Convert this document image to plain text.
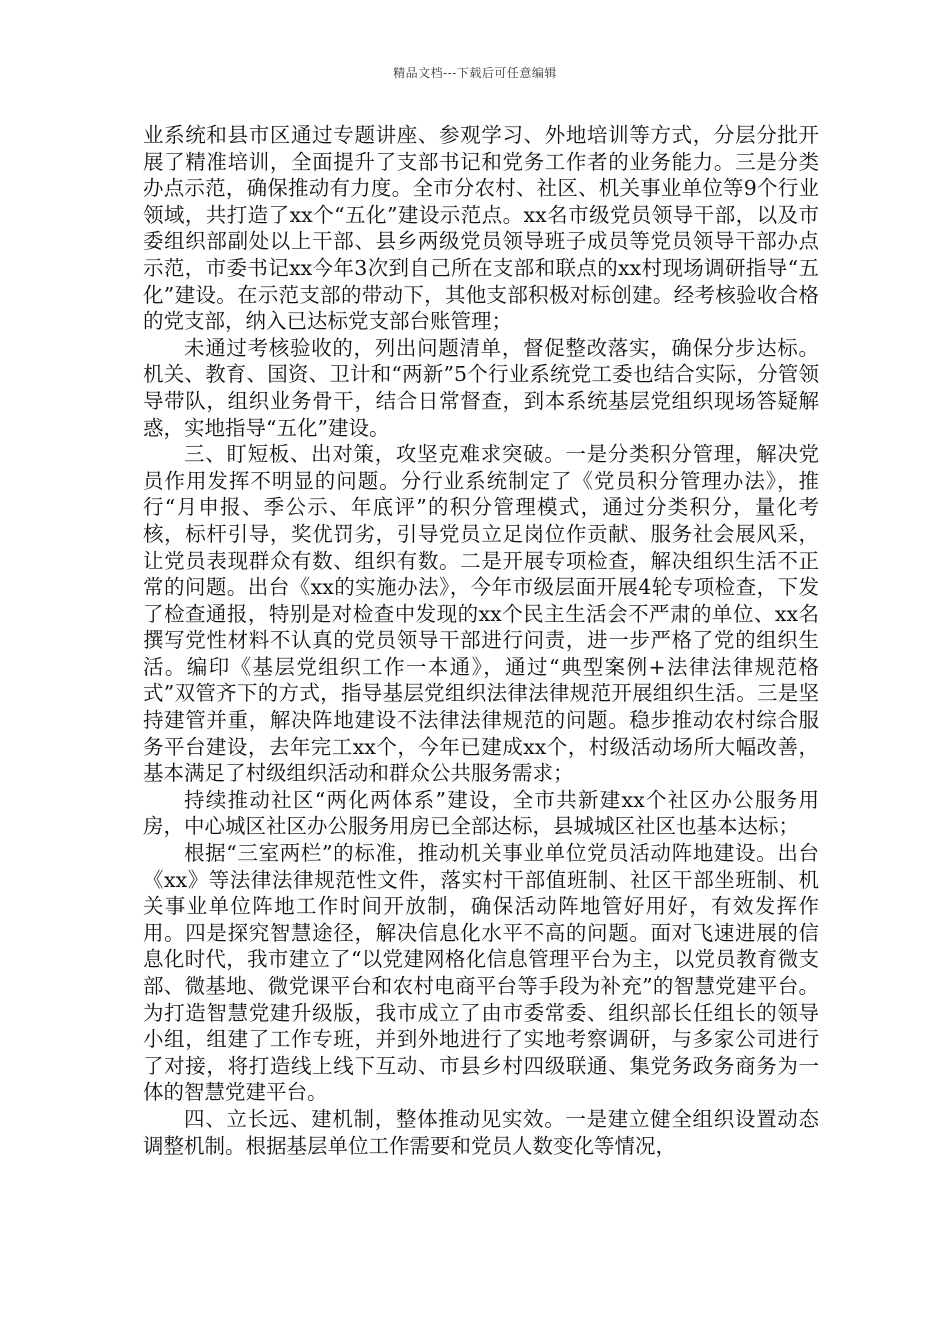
精品文档---下载后可任意编辑

业系统和县市区通过专题讲座、参观学习、外地培训等方式，分层分批开展了精准培训，全面提升了支部书记和党务工作者的业务能力。三是分类办点示范，确保推动有力度。全市分农村、社区、机关事业单位等9个行业领域，共打造了xx个“五化”建设示范点。xx名市级党员领导干部，以及市委组织部副处以上干部、县乡两级党员领导班子成员等党员领导干部办点示范，市委书记xx今年3次到自己所在支部和联点的xx村现场调研指导“五化”建设。在示范支部的带动下，其他支部积极对标创建。经考核验收合格的党支部，纳入已达标党支部台账管理；

未通过考核验收的，列出问题清单，督促整改落实，确保分步达标。机关、教育、国资、卫计和“两新”5个行业系统党工委也结合实际，分管领导带队，组织业务骨干，结合日常督查，到本系统基层党组织现场答疑解惑，实地指导“五化”建设。

三、盯短板、出对策，攻坚克难求突破。一是分类积分管理，解决党员作用发挥不明显的问题。分行业系统制定了《党员积分管理办法》，推行“月申报、季公示、年底评”的积分管理模式，通过分类积分，量化考核，标杆引导，奖优罚劣，引导党员立足岗位作贡献、服务社会展风采，让党员表现群众有数、组织有数。二是开展专项检查，解决组织生活不正常的问题。出台《xx的实施办法》，今年市级层面开展4轮专项检查，下发了检查通报，特别是对检查中发现的xx个民主生活会不严肃的单位、xx名撰写党性材料不认真的党员领导干部进行问责，进一步严格了党的组织生活。编印《基层党组织工作一本通》，通过“典型案例+法律法律规范格式”双管齐下的方式，指导基层党组织法律法律规范开展组织生活。三是坚持建管并重，解决阵地建设不法律法律规范的问题。稳步推动农村综合服务平台建设，去年完工xx个，今年已建成xx个，村级活动场所大幅改善，基本满足了村级组织活动和群众公共服务需求；

持续推动社区“两化两体系”建设，全市共新建xx个社区办公服务用房，中心城区社区办公服务用房已全部达标，县城城区社区也基本达标；

根据“三室两栏”的标准，推动机关事业单位党员活动阵地建设。出台《xx》等法律法律规范性文件，落实村干部值班制、社区干部坐班制、机关事业单位阵地工作时间开放制，确保活动阵地管好用好，有效发挥作用。四是探究智慧途径，解决信息化水平不高的问题。面对飞速进展的信息化时代，我市建立了“以党建网格化信息管理平台为主，以党员教育微支部、微基地、微党课平台和农村电商平台等手段为补充”的智慧党建平台。为打造智慧党建升级版，我市成立了由市委常委、组织部长任组长的领导小组，组建了工作专班，并到外地进行了实地考察调研，与多家公司进行了对接，将打造线上线下互动、市县乡村四级联通、集党务政务商务为一体的智慧党建平台。

四、立长远、建机制，整体推动见实效。一是建立健全组织设置动态调整机制。根据基层单位工作需要和党员人数变化等情况，
